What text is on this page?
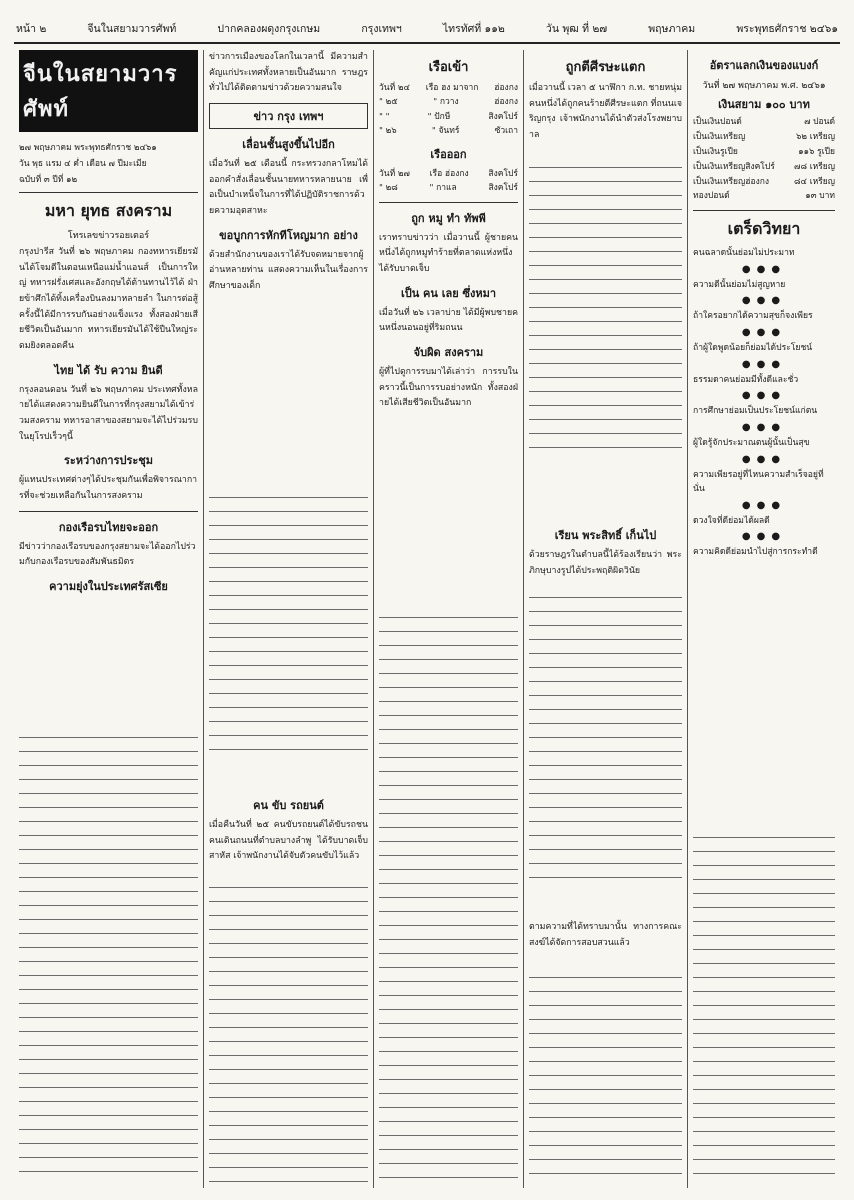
หน้า ๒	จีนในสยามวารศัพท์	ปากคลองผดุงกรุงเกษม	กรุงเทพฯ	ไทรทัศที่ ๑๑๒	วัน พุฒ ที่ ๒๗	พฤษภาคม	พระพุทธศักราช ๒๔๖๑
จีนในสยามวารศัพท์
๒๗ พฤษภาคม พระพุทธศักราช ๒๔๖๑
วัน พุธ แรม ๔ ค่ำ เดือน ๗ ปีมะเมีย
ฉบับที่ ๓ ปีที่ ๑๒
มหา ยุทธ สงคราม
โทรเลขข่าวรอยเตอร์
กรุงปารีส วันที่ ๒๖ พฤษภาคม กองทหารเยียรมันได้โจมตีในตอนเหนือแม่น้ำแอนส์ เป็นการใหญ่ ทหารฝรั่งเศสและอังกฤษได้ต้านทานไว้ได้ ฝ่ายข้าศึกได้ทิ้งเครื่องบินลงมาหลายลำ ในการต่อสู้ครั้งนี้ได้มีการรบกันอย่างแข็งแรง ทั้งสองฝ่ายเสียชีวิตเป็นอันมาก ทหารเยียรมันได้ใช้ปืนใหญ่ระดมยิงตลอดคืน
ไทย ได้ รับ ความ ยินดี
กรุงลอนดอน วันที่ ๒๖ พฤษภาคม ประเทศทั้งหลายได้แสดงความยินดีในการที่กรุงสยามได้เข้าร่วมสงคราม ทหารอาสาของสยามจะได้ไปร่วมรบในยุโรปเร็วๆนี้
ระหว่างการประชุม
ผู้แทนประเทศต่างๆได้ประชุมกันเพื่อพิจารณาการที่จะช่วยเหลือกันในการสงคราม
กองเรือรบไทยจะออก
มีข่าวว่ากองเรือรบของกรุงสยามจะได้ออกไปร่วมกับกองเรือรบของสัมพันธมิตร
ความยุ่งในประเทศรัสเซีย
ข่าวการเมืองของโลกในเวลานี้ มีความสำคัญแก่ประเทศทั้งหลายเป็นอันมาก ราษฎรทั่วไปได้ติดตามข่าวด้วยความสนใจ
ข่าว กรุง เทพฯ
เลื่อนชั้นสูงขึ้นไปอีก
เมื่อวันที่ ๒๕ เดือนนี้ กระทรวงกลาโหมได้ออกคำสั่งเลื่อนชั้นนายทหารหลายนาย เพื่อเป็นบำเหน็จในการที่ได้ปฏิบัติราชการด้วยความอุตสาหะ
ขอบูกการหักทีโหญมาก อย่าง
ด้วยสำนักงานของเราได้รับจดหมายจากผู้อ่านหลายท่าน แสดงความเห็นในเรื่องการศึกษาของเด็ก
คน ขับ รถยนต์
เมื่อคืนวันที่ ๒๕ คนขับรถยนต์ได้ขับรถชนคนเดินถนนที่ตำบลบางลำพู ได้รับบาดเจ็บสาหัส เจ้าพนักงานได้จับตัวคนขับไว้แล้ว
เรือเข้า
วันที่ ๒๔ เรือ ฮง มาจาก ฮ่องกง
" ๒๕	" กวาง	ฮ่องกง
" "	" ปักษี	สิงคโปร์
" ๒๖	" จันทร์	ซัวเถา
เรือออก
วันที่ ๒๗ เรือ ฮ่องกง สิงคโปร์
" ๒๘	" กาแล	สิงคโปร์
ถูก หมู ทำ ทัพพี
เราทราบข่าวว่า เมื่อวานนี้ ผู้ชายคนหนึ่งได้ถูกหมูทำร้ายที่ตลาดแห่งหนึ่ง ได้รับบาดเจ็บ
เป็น คน เลย ซึ่งหมา
เมื่อวันที่ ๒๖ เวลาบ่าย ได้มีผู้พบชายคนหนึ่งนอนอยู่ที่ริมถนน
จับผิด สงคราม
ผู้ที่ไปดูการรบมาได้เล่าว่า การรบในคราวนี้เป็นการรบอย่างหนัก ทั้งสองฝ่ายได้เสียชีวิตเป็นอันมาก
ถูกตีศีรษะแตก
เมื่อวานนี้ เวลา ๕ นาฬิกา ก.ท. ชายหนุ่มคนหนึ่งได้ถูกคนร้ายตีศีรษะแตก ที่ถนนเจริญกรุง เจ้าพนักงานได้นำตัวส่งโรงพยาบาล
เรียน พระสิทธิ์ เก็นไป
ด้วยราษฎรในตำบลนี้ได้ร้องเรียนว่า พระภิกษุบางรูปได้ประพฤติผิดวินัย
ตามความที่ได้ทราบมานั้น ทางการคณะสงฆ์ได้จัดการสอบสวนแล้ว
อัตราแลกเงินของแบงก์
วันที่ ๒๗ พฤษภาคม พ.ศ. ๒๔๖๑
เงินสยาม ๑๐๐ บาท
เป็นเงินปอนด์	๗ ปอนด์
เป็นเงินเหรียญ	๖๒ เหรียญ
เป็นเงินรูเปีย	๑๑๖ รูเปีย
เป็นเงินเหรียญสิงคโปร์ ๗๘ เหรียญ
เป็นเงินเหรียญฮ่องกง	๘๔ เหรียญ
ทองปอนด์	๑๓ บาท
เตร็ดวิทยา
คนฉลาดนั้นย่อมไม่ประมาท
●●●
ความดีนั้นย่อมไม่สูญหาย
●●●
ถ้าใครอยากได้ความสุขก็จงเพียร
●●●
ถ้าผู้ใดพูดน้อยก็ย่อมได้ประโยชน์
●●●
ธรรมดาคนย่อมมีทั้งดีและชั่ว
●●●
การศึกษาย่อมเป็นประโยชน์แก่ตน
●●●
ผู้ใดรู้จักประมาณตนผู้นั้นเป็นสุข
●●●
ความเพียรอยู่ที่ไหนความสำเร็จอยู่ที่นั่น
●●●
ดวงใจที่ดีย่อมได้ผลดี
●●●
ความคิดดีย่อมนำไปสู่การกระทำดี
